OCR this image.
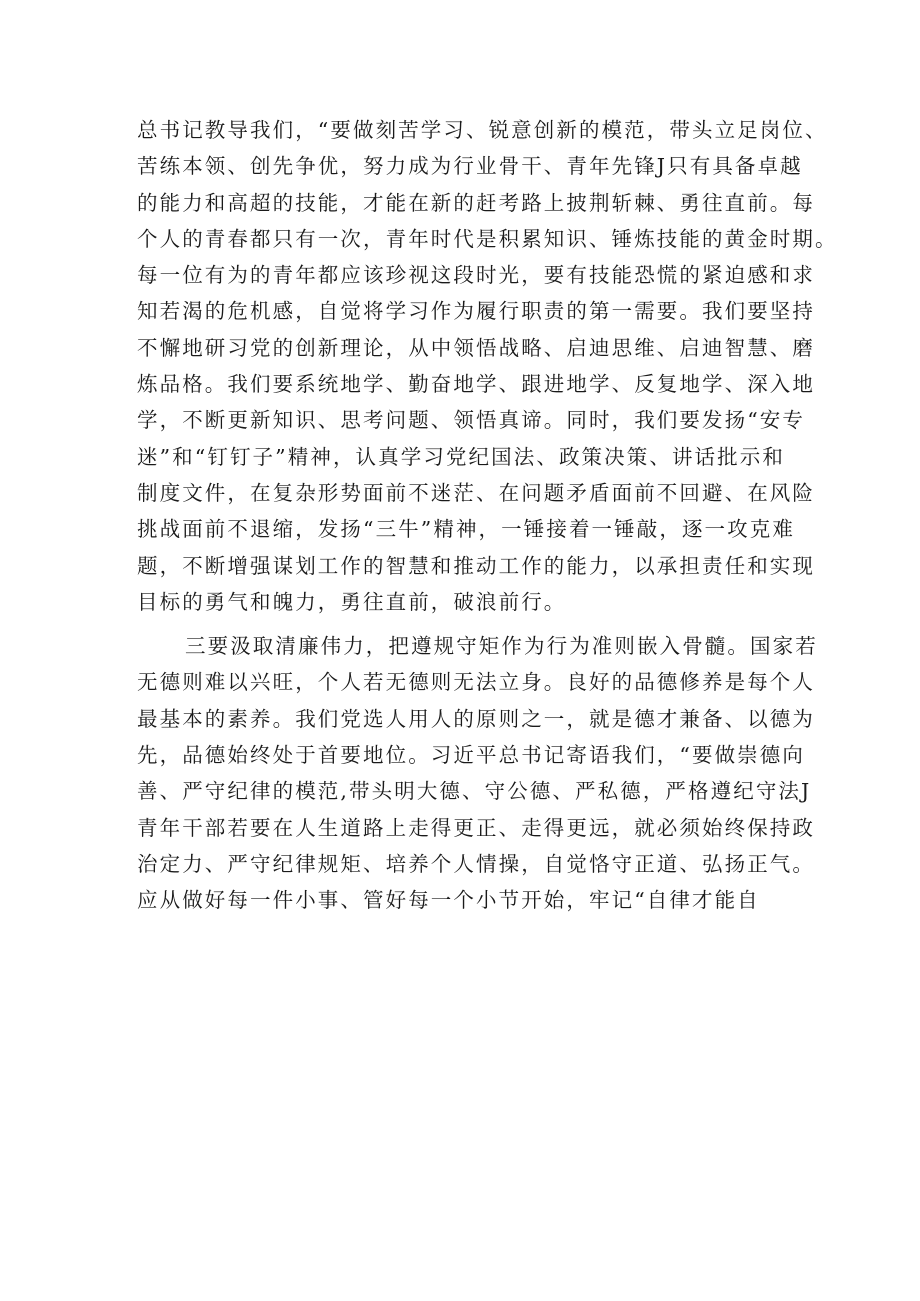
总书记教导我们，“要做刻苦学习、锐意创新的模范，带头立足岗位、
苦练本领、创先争优，努力成为行业骨干、青年先锋J只有具备卓越
的能力和高超的技能，才能在新的赶考路上披荆斩棘、勇往直前。每
个人的青春都只有一次，青年时代是积累知识、锤炼技能的黄金时期。
每一位有为的青年都应该珍视这段时光，要有技能恐慌的紧迫感和求
知若渴的危机感，自觉将学习作为履行职责的第一需要。我们要坚持
不懈地研习党的创新理论，从中领悟战略、启迪思维、启迪智慧、磨
炼品格。我们要系统地学、勤奋地学、跟进地学、反复地学、深入地
学，不断更新知识、思考问题、领悟真谛。同时，我们要发扬“安专
迷”和“钉钉子”精神，认真学习党纪国法、政策决策、讲话批示和
制度文件，在复杂形势面前不迷茫、在问题矛盾面前不回避、在风险
挑战面前不退缩，发扬“三牛”精神，一锤接着一锤敲，逐一攻克难
题，不断增强谋划工作的智慧和推动工作的能力，以承担责任和实现
目标的勇气和魄力，勇往直前，破浪前行。
三要汲取清廉伟力，把遵规守矩作为行为准则嵌入骨髓。国家若
无德则难以兴旺，个人若无德则无法立身。良好的品德修养是每个人
最基本的素养。我们党选人用人的原则之一，就是德才兼备、以德为
先，品德始终处于首要地位。习近平总书记寄语我们，“要做崇德向
善、严守纪律的模范,带头明大德、守公德、严私德，严格遵纪守法J
青年干部若要在人生道路上走得更正、走得更远，就必须始终保持政
治定力、严守纪律规矩、培养个人情操，自觉恪守正道、弘扬正气。
应从做好每一件小事、管好每一个小节开始，牢记“自律才能自
